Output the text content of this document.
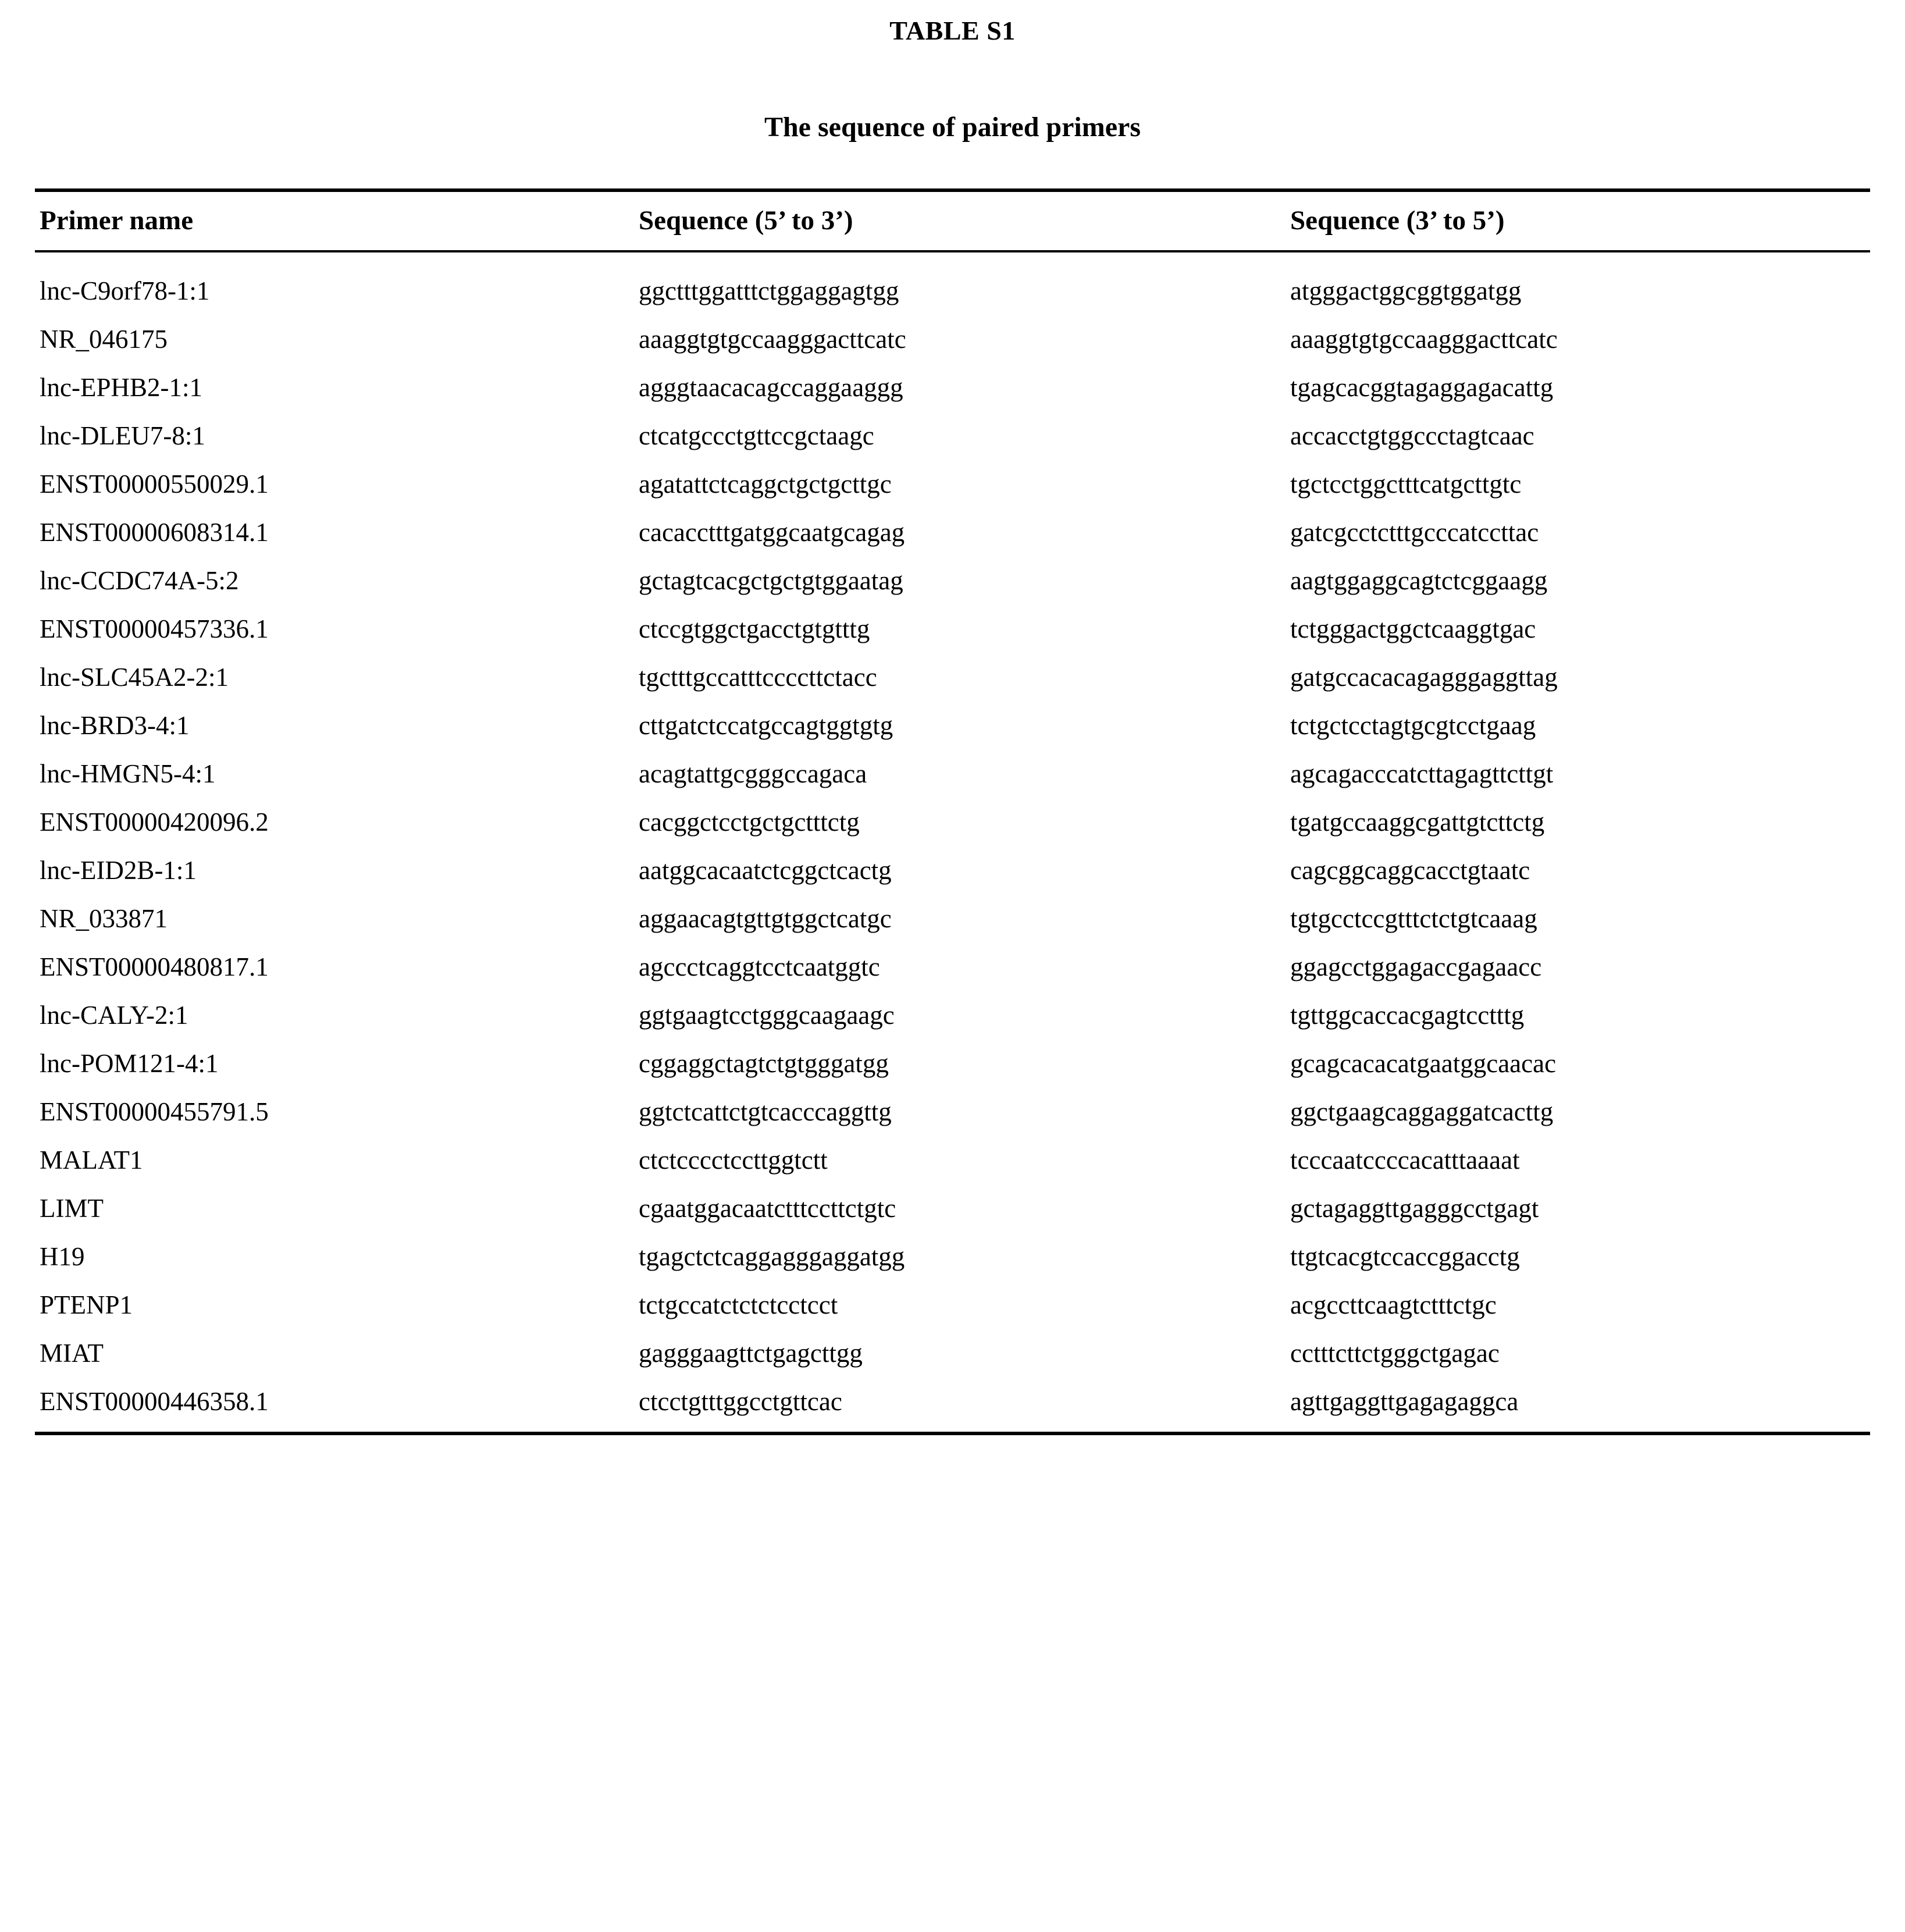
TABLE S1
The sequence of paired primers
Primer name	Sequence (5’ to 3’)	Sequence (3’ to 5’)
lnc-C9orf78-1:1	ggctttggatttctggaggagtgg	atgggactggcggtggatgg
NR_046175	aaaggtgtgccaagggacttcatc	aaaggtgtgccaagggacttcatc
lnc-EPHB2-1:1	agggtaacacagccaggaaggg	tgagcacggtagaggagacattg
lnc-DLEU7-8:1	ctcatgccctgttccgctaagc	accacctgtggccctagtcaac
ENST00000550029.1	agatattctcaggctgctgcttgc	tgctcctggctttcatgcttgtc
ENST00000608314.1	cacacctttgatggcaatgcagag	gatcgcctctttgcccatccttac
lnc-CCDC74A-5:2	gctagtcacgctgctgtggaatag	aagtggaggcagtctcggaagg
ENST00000457336.1	ctccgtggctgacctgtgtttg	tctgggactggctcaaggtgac
lnc-SLC45A2-2:1	tgctttgccatttccccttctacc	gatgccacacagagggaggttag
lnc-BRD3-4:1	cttgatctccatgccagtggtgtg	tctgctcctagtgcgtcctgaag
lnc-HMGN5-4:1	acagtattgcgggccagaca	agcagacccatcttagagttcttgt
ENST00000420096.2	cacggctcctgctgctttctg	tgatgccaaggcgattgtcttctg
lnc-EID2B-1:1	aatggcacaatctcggctcactg	cagcggcaggcacctgtaatc
NR_033871	aggaacagtgttgtggctcatgc	tgtgcctccgtttctctgtcaaag
ENST00000480817.1	agccctcaggtcctcaatggtc	ggagcctggagaccgagaacc
lnc-CALY-2:1	ggtgaagtcctgggcaagaagc	tgttggcaccacgagtcctttg
lnc-POM121-4:1	cggaggctagtctgtgggatgg	gcagcacacatgaatggcaacac
ENST00000455791.5	ggtctcattctgtcacccaggttg	ggctgaagcaggaggatcacttg
MALAT1	ctctcccctccttggtctt	tcccaatccccacatttaaaat
LIMT	cgaatggacaatctttccttctgtc	gctagaggttgagggcctgagt
H19	tgagctctcaggagggaggatgg	ttgtcacgtccaccggacctg
PTENP1	tctgccatctctctcctcct	acgccttcaagtctttctgc
MIAT	gagggaagttctgagcttgg	cctttcttctgggctgagac
ENST00000446358.1	ctcctgtttggcctgttcac	agttgaggttgagagaggca
